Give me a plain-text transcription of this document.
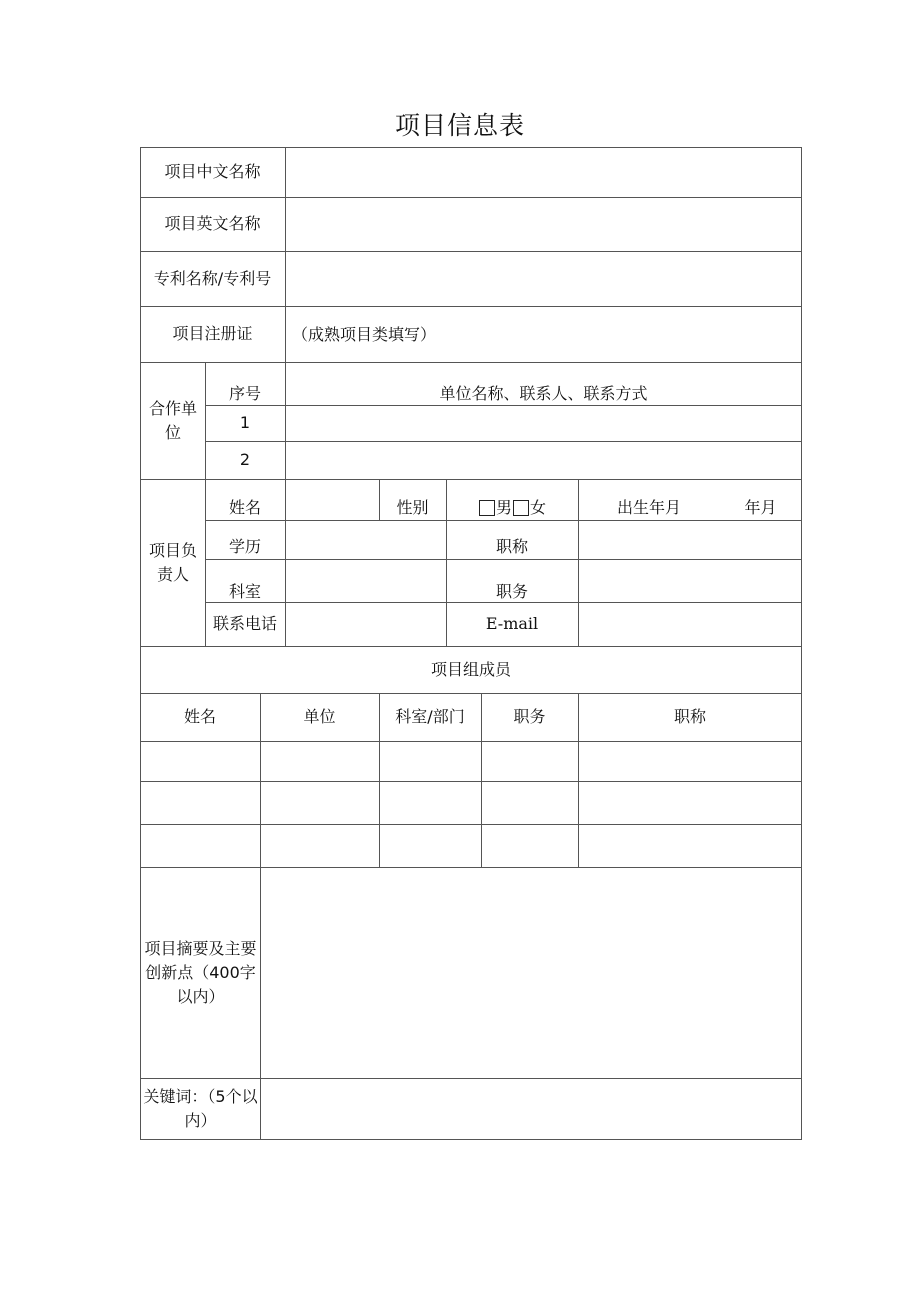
项目信息表
项目中文名称
项目英文名称
专利名称/专利号
项目注册证	（成熟项目类填写）
合作单位
序号	单位名称、联系人、联系方式
1
2
项目负责人
姓名	性别	男 女	出生年月	年月
学历	职称
科室	职务
联系电话	E-mail
项目组成员
姓名	单位	科室/部门	职务	职称
项目摘要及主要创新点（400字以内）
关键词：（5个以内）
